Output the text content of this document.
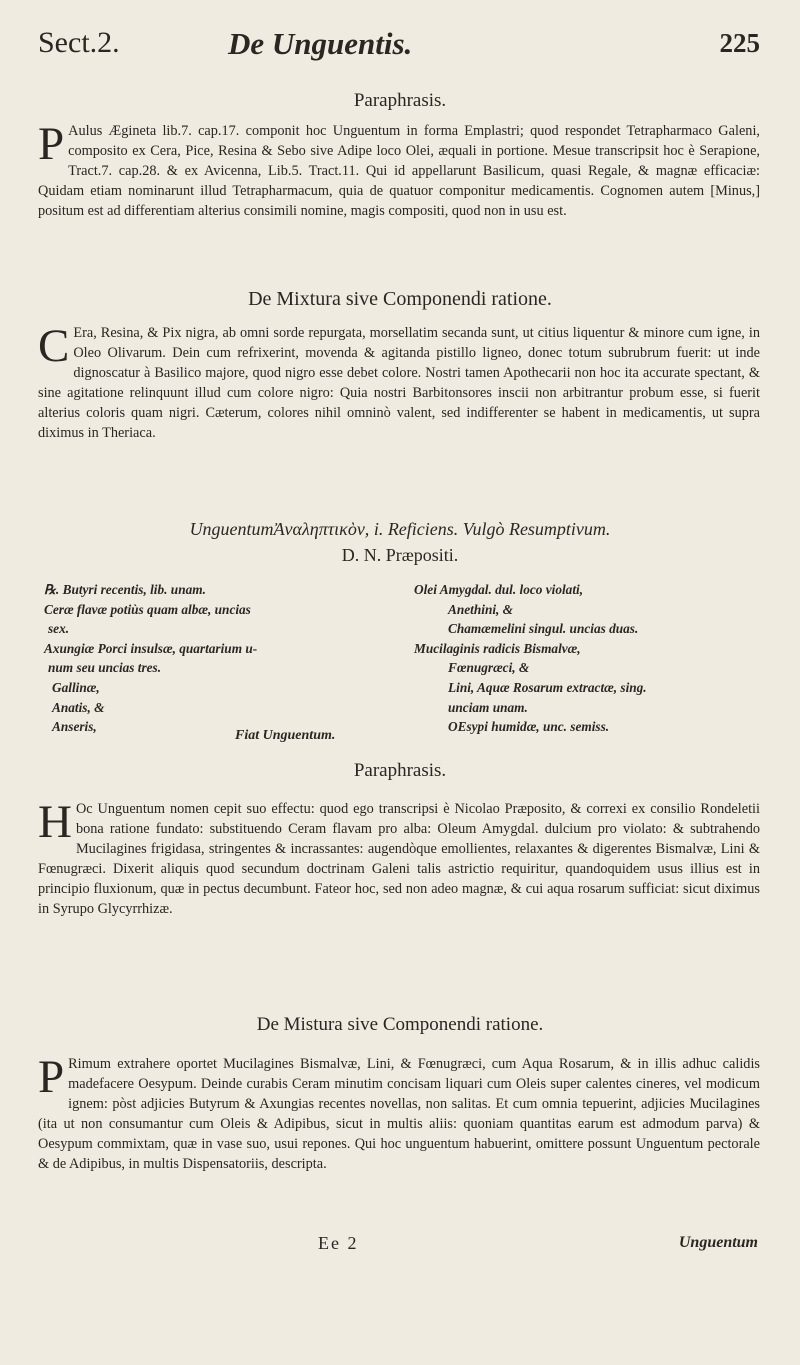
Sect.2.	De Unguentis.	225
Paraphrasis.

P Aulus Ægineta lib.7. cap.17. componit hoc Unguentum in forma Emplastri; quod respondet Tetrapharmaco Galeni, composito ex Cera, Pice, Resina & Sebo sive Adipe loco Olei, æquali in portione. Mesue transcripsit hoc è Serapione, Tract.7. cap.28. & ex Avicenna, Lib.5. Tract.11. Qui id appellarunt Basilicum, quasi Regale, & magnæ efficaciæ: Quidam etiam nominarunt illud Tetrapharmacum, quia de quatuor componitur medicamentis. Cognomen autem [Minus,] positum est ad differentiam alterius consimili nomine, magis compositi, quod non in usu est.

De Mixtura sive Componendi ratione.

C Era, Resina, & Pix nigra, ab omni sorde repurgata, morsellatim secanda sunt, ut citius liquentur & minore cum igne, in Oleo Olivarum. Dein cum refrixerint, movenda & agitanda pistillo ligneo, donec totum subrubrum fuerit: ut inde dignoscatur à Basilico majore, quod nigro esse debet colore. Nostri tamen Apothecarii non hoc ita accurate spectant, & sine agitatione relinquunt illud cum colore nigro: Quia nostri Barbitonsores inscii non arbitrantur probum esse, si fuerit alterius coloris quam nigri. Cæterum, colores nihil omninò valent, sed indifferenter se habent in medicamentis, ut supra diximus in Theriaca.

UnguentumἈναληπτικὸν, i. Reficiens. Vulgò Resumptivum.
D. N. Præpositi.
℞. Butyri recentis, lib. unam.
Ceræ flavæ potiùs quam albæ, uncias
sex.
Axungiæ Porci insulsæ, quartarium u-
num seu uncias tres.
Gallinæ,
Anatis, &
Anseris,
Olei Amygdal. dul. loco violati,
Anethini, &
Chamæmelini singul. uncias duas.
Mucilaginis radicis Bismalvæ,
Fœnugræci, &
Lini, Aquæ Rosarum extractæ, sing.
unciam unam.
OEsypi humidæ, unc. semiss.
Fiat Unguentum.
Paraphrasis.

H Oc Unguentum nomen cepit suo effectu: quod ego transcripsi è Nicolao Præposito, & correxi ex consilio Rondeletii bona ratione fundato: substituendo Ceram flavam pro alba: Oleum Amygdal. dulcium pro violato: & subtrahendo Mucilagines frigidasa, stringentes & incrassantes: augendòque emollientes, relaxantes & digerentes Bismalvæ, Lini & Fœnugræci. Dixerit aliquis quod secundum doctrinam Galeni talis astrictio requiritur, quandoquidem usus illius est in principio fluxionum, quæ in pectus decumbunt. Fateor hoc, sed non adeo magnæ, & cui aqua rosarum sufficiat: sicut diximus in Syrupo Glycyrrhizæ.

De Mistura sive Componendi ratione.

P Rimum extrahere oportet Mucilagines Bismalvæ, Lini, & Fœnugræci, cum Aqua Rosarum, & in illis adhuc calidis madefacere Oesypum. Deinde curabis Ceram minutim concisam liquari cum Oleis super calentes cineres, vel modicum ignem: pòst adjicies Butyrum & Axungias recentes novellas, non salitas. Et cum omnia tepuerint, adjicies Mucilagines (ita ut non consumantur cum Oleis & Adipibus, sicut in multis aliis: quoniam quantitas earum est admodum parva) & Oesypum commixtam, quæ in vase suo, usui repones. Qui hoc unguentum habuerint, omittere possunt Unguentum pectorale & de Adipibus, in multis Dispensatoriis, descripta.

Ee 2	Unguentum
